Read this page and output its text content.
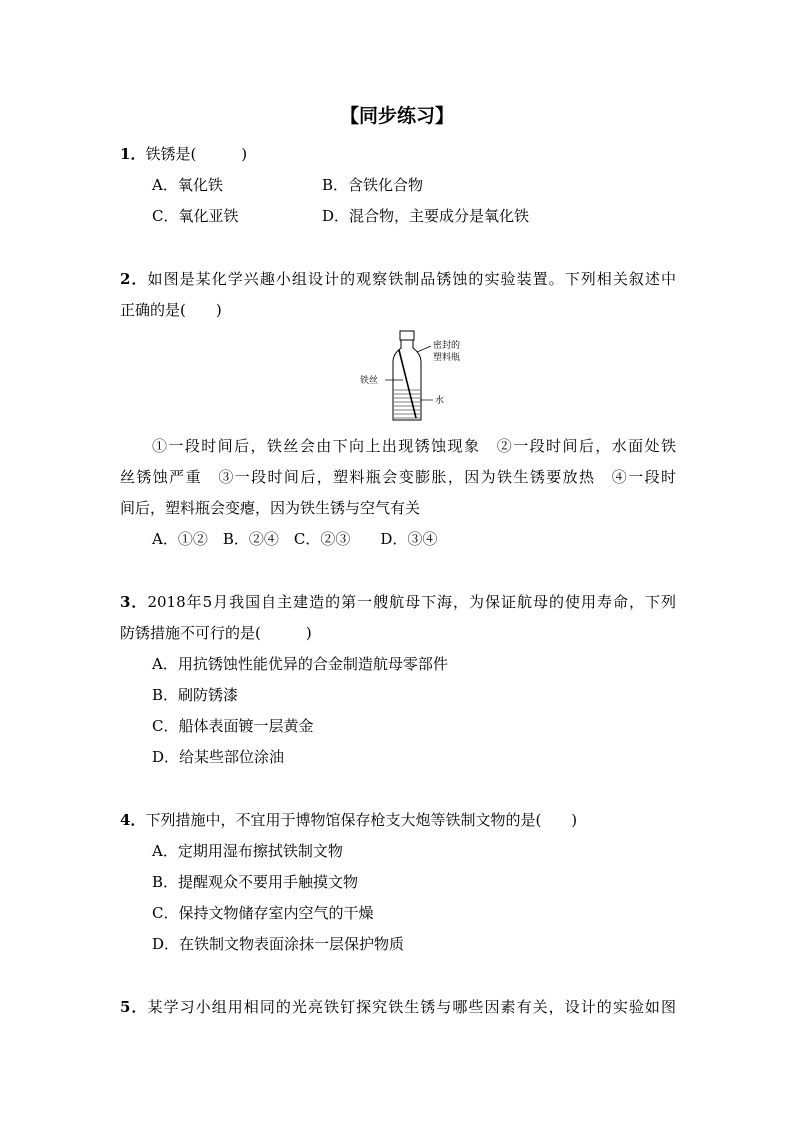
【同步练习】
1．铁锈是(　　　)
A．氧化铁	B．含铁化合物
C．氧化亚铁	D．混合物，主要成分是氧化铁
2．如图是某化学兴趣小组设计的观察铁制品锈蚀的实验装置。下列相关叙述中
正确的是(　　)
密封的
塑料瓶
铁丝
水
①一段时间后，铁丝会由下向上出现锈蚀现象　②一段时间后，水面处铁
丝锈蚀严重　③一段时间后，塑料瓶会变膨胀，因为铁生锈要放热　④一段时
间后，塑料瓶会变瘪，因为铁生锈与空气有关
A．①②　B．②④　C．②③　　D．③④
3．2018年5月我国自主建造的第一艘航母下海，为保证航母的使用寿命，下列
防锈措施不可行的是(　　　)
A．用抗锈蚀性能优异的合金制造航母零部件
B．刷防锈漆
C．船体表面镀一层黄金
D．给某些部位涂油
4．下列措施中，不宜用于博物馆保存枪支大炮等铁制文物的是(　　)
A．定期用湿布擦拭铁制文物
B．提醒观众不要用手触摸文物
C．保持文物储存室内空气的干燥
D．在铁制文物表面涂抹一层保护物质
5．某学习小组用相同的光亮铁钉探究铁生锈与哪些因素有关，设计的实验如图
